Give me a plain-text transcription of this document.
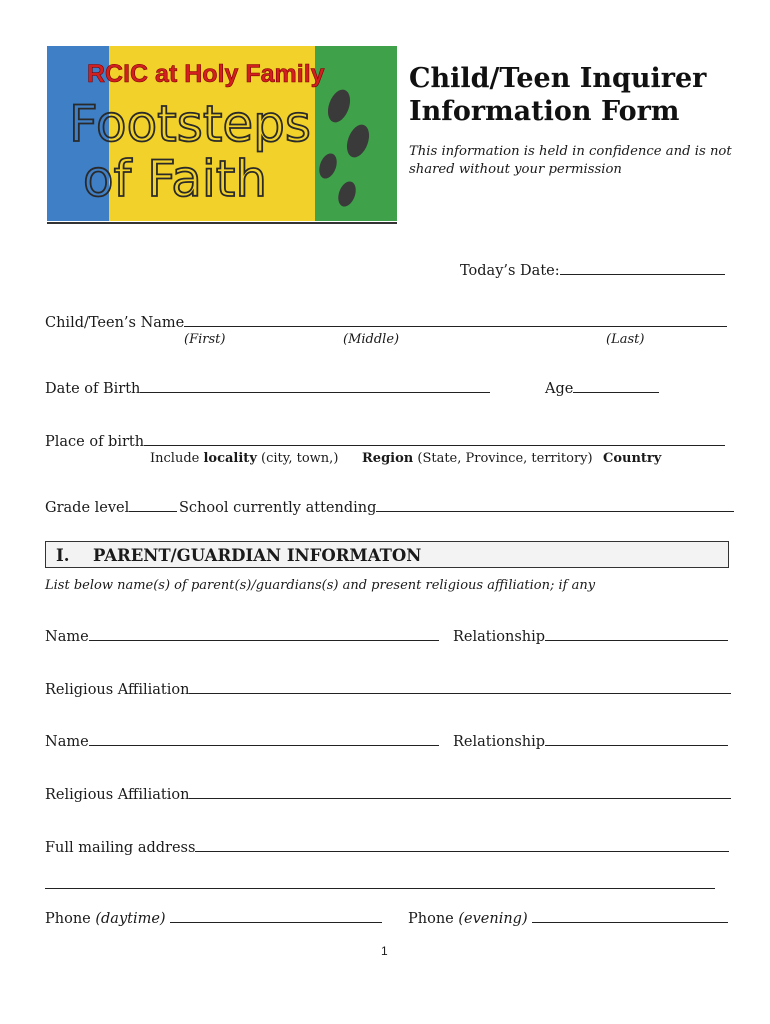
RCIC at Holy Family
Footsteps
of Faith
Child/Teen Inquirer
Information Form
This information is held in confidence and is not shared without your permission
Today’s Date:
Child/Teen’s Name
(First)	(Middle)	(Last)
Date of Birth	Age
Place of birth
Include locality (city, town,) Region (State, Province, territory) Country
Grade level	School currently attending
I. PARENT/GUARDIAN INFORMATON
List below name(s) of parent(s)/guardians(s) and present religious affiliation; if any
Name	Relationship
Religious Affiliation
Name	Relationship
Religious Affiliation
Full mailing address
Phone (daytime)	Phone (evening)
1
